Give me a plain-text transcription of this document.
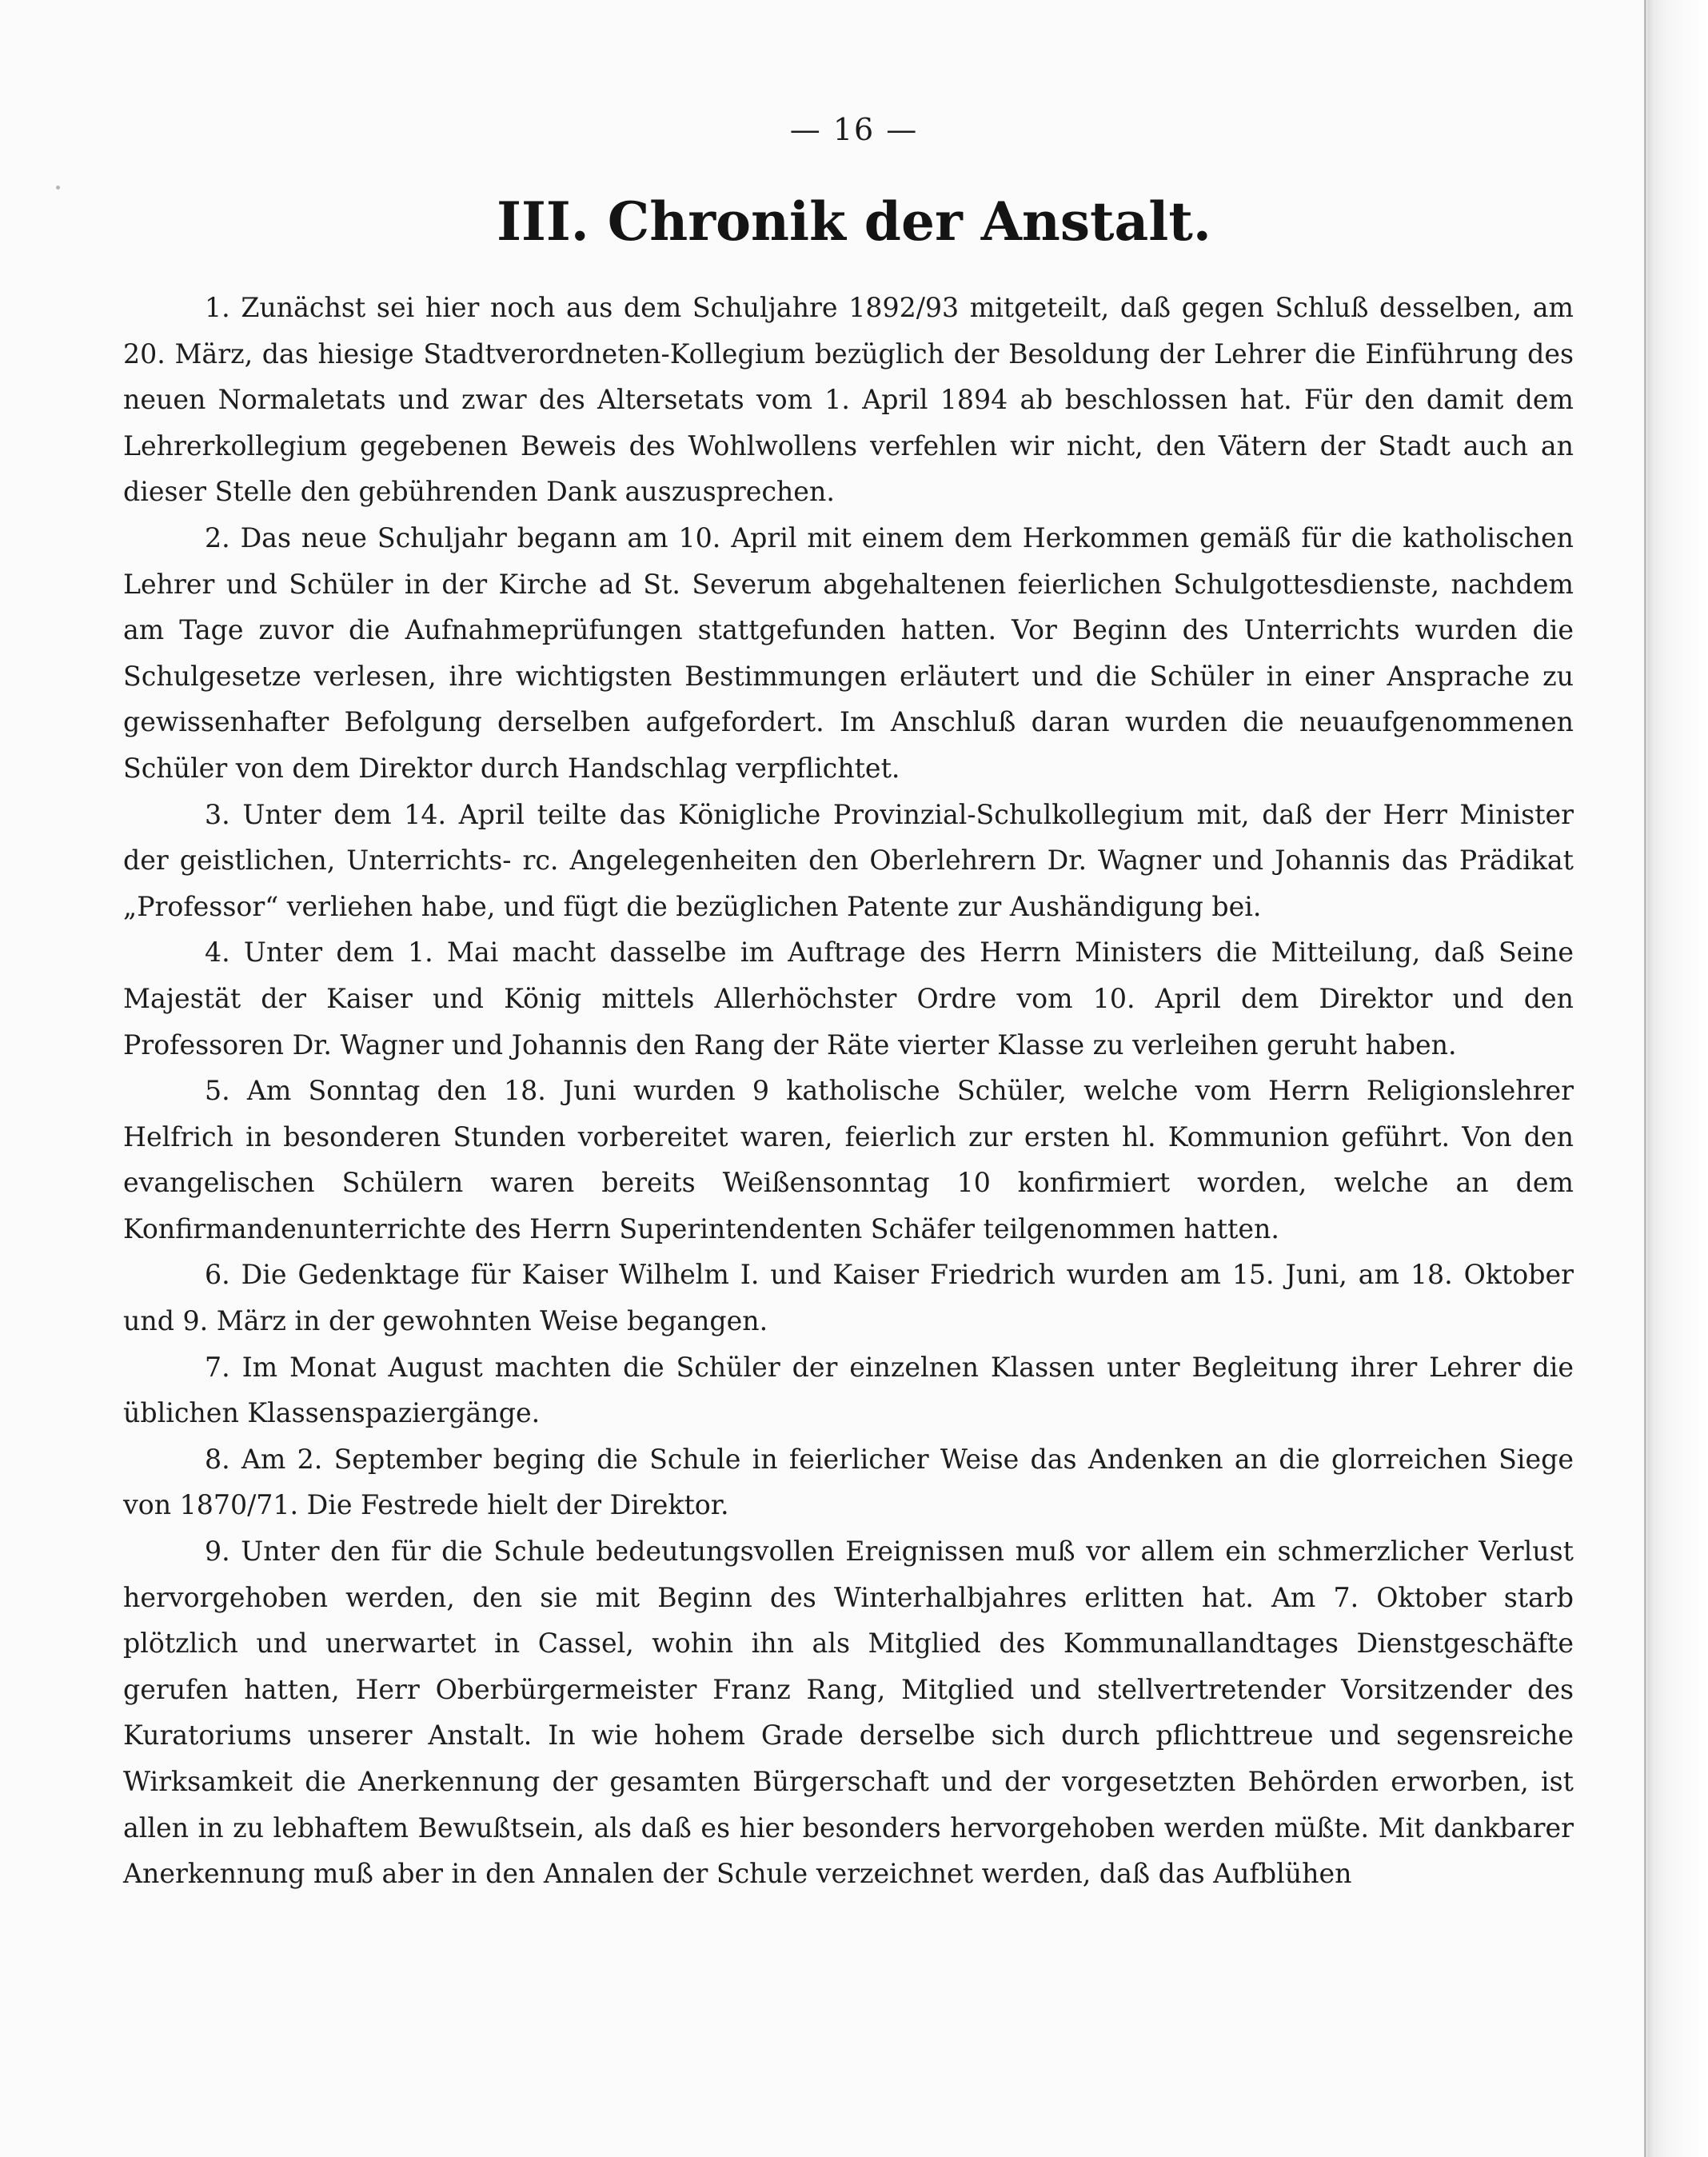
— 16 —
III. Chronik der Anstalt.

1. Zunächst sei hier noch aus dem Schuljahre 1892/93 mitgeteilt, daß gegen Schluß desselben, am 20. März, das hiesige Stadtverordneten-Kollegium bezüglich der Besoldung der Lehrer die Einführung des neuen Normaletats und zwar des Altersetats vom 1. April 1894 ab beschlossen hat. Für den damit dem Lehrerkollegium gegebenen Beweis des Wohlwollens verfehlen wir nicht, den Vätern der Stadt auch an dieser Stelle den gebührenden Dank auszusprechen.

2. Das neue Schuljahr begann am 10. April mit einem dem Herkommen gemäß für die katholischen Lehrer und Schüler in der Kirche ad St. Severum abgehaltenen feierlichen Schulgottesdienste, nachdem am Tage zuvor die Aufnahmeprüfungen stattgefunden hatten. Vor Beginn des Unterrichts wurden die Schulgesetze verlesen, ihre wichtigsten Bestimmungen erläutert und die Schüler in einer Ansprache zu gewissenhafter Befolgung derselben aufgefordert. Im Anschluß daran wurden die neuaufgenommenen Schüler von dem Direktor durch Handschlag verpflichtet.

3. Unter dem 14. April teilte das Königliche Provinzial-Schulkollegium mit, daß der Herr Minister der geistlichen, Unterrichts- rc. Angelegenheiten den Oberlehrern Dr. Wagner und Johannis das Prädikat „Professor“ verliehen habe, und fügt die bezüglichen Patente zur Aushändigung bei.

4. Unter dem 1. Mai macht dasselbe im Auftrage des Herrn Ministers die Mitteilung, daß Seine Majestät der Kaiser und König mittels Allerhöchster Ordre vom 10. April dem Direktor und den Professoren Dr. Wagner und Johannis den Rang der Räte vierter Klasse zu verleihen geruht haben.

5. Am Sonntag den 18. Juni wurden 9 katholische Schüler, welche vom Herrn Religionslehrer Helfrich in besonderen Stunden vorbereitet waren, feierlich zur ersten hl. Kommunion geführt. Von den evangelischen Schülern waren bereits Weißensonntag 10 konfirmiert worden, welche an dem Konfirmandenunterrichte des Herrn Superintendenten Schäfer teilgenommen hatten.

6. Die Gedenktage für Kaiser Wilhelm I. und Kaiser Friedrich wurden am 15. Juni, am 18. Oktober und 9. März in der gewohnten Weise begangen.

7. Im Monat August machten die Schüler der einzelnen Klassen unter Begleitung ihrer Lehrer die üblichen Klassenspaziergänge.

8. Am 2. September beging die Schule in feierlicher Weise das Andenken an die glorreichen Siege von 1870/71. Die Festrede hielt der Direktor.

9. Unter den für die Schule bedeutungsvollen Ereignissen muß vor allem ein schmerzlicher Verlust hervorgehoben werden, den sie mit Beginn des Winterhalbjahres erlitten hat. Am 7. Oktober starb plötzlich und unerwartet in Cassel, wohin ihn als Mitglied des Kommunallandtages Dienstgeschäfte gerufen hatten, Herr Oberbürgermeister Franz Rang, Mitglied und stellvertretender Vorsitzender des Kuratoriums unserer Anstalt. In wie hohem Grade derselbe sich durch pflichttreue und segensreiche Wirksamkeit die Anerkennung der gesamten Bürgerschaft und der vorgesetzten Behörden erworben, ist allen in zu lebhaftem Bewußtsein, als daß es hier besonders hervorgehoben werden müßte. Mit dankbarer Anerkennung muß aber in den Annalen der Schule verzeichnet werden, daß das Aufblühen
